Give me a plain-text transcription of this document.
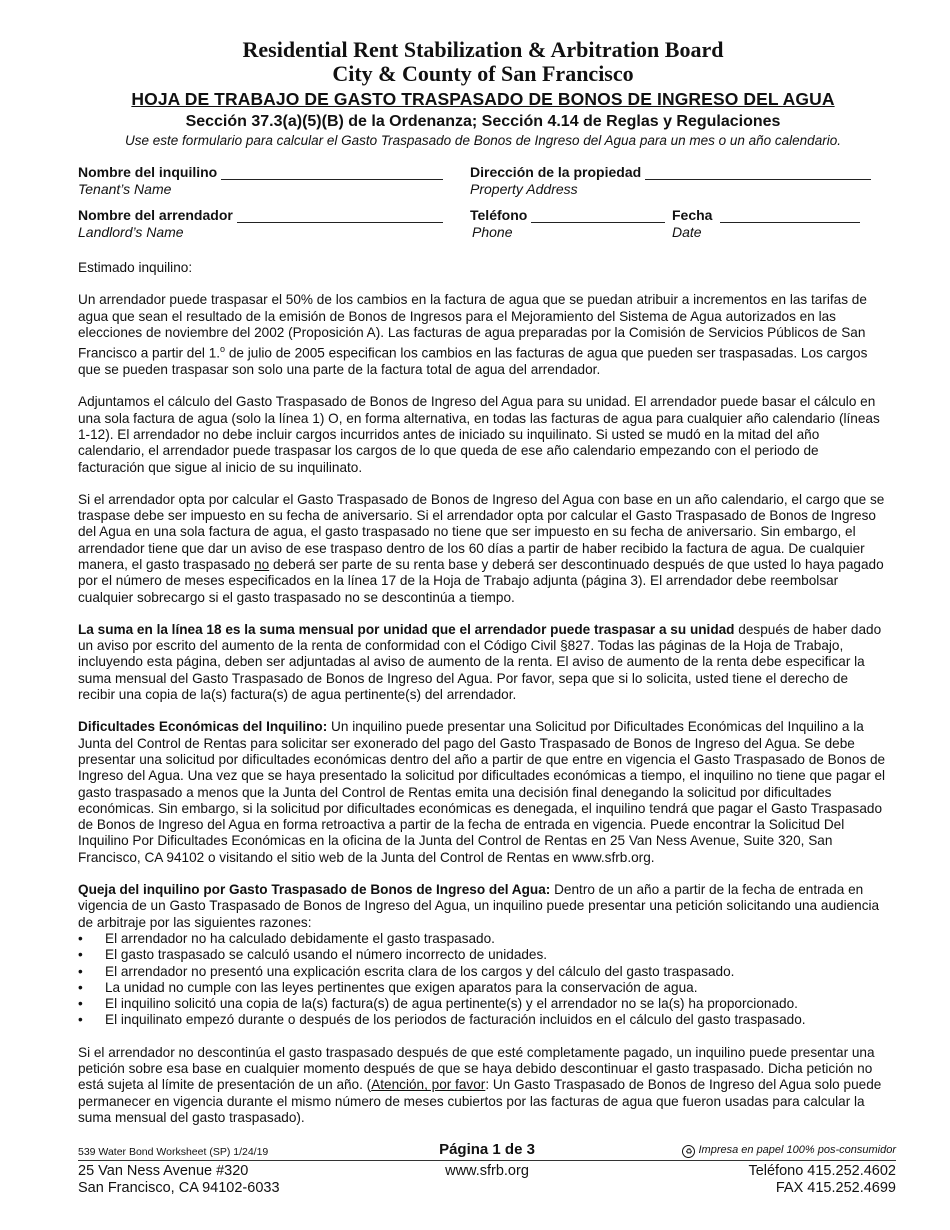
Residential Rent Stabilization & Arbitration Board
City & County of San Francisco
HOJA DE TRABAJO DE GASTO TRASPASADO DE BONOS DE INGRESO DEL AGUA
Sección 37.3(a)(5)(B) de la Ordenanza; Sección 4.14 de Reglas y Regulaciones
Use este formulario para calcular el Gasto Traspasado de Bonos de Ingreso del Agua para un mes o un año calendario.
Nombre del inquilino
Tenant’s Name
Dirección de la propiedad
Property Address
Nombre del arrendador
Landlord’s Name
Teléfono
Phone
Fecha
Date

Estimado inquilino:

Un arrendador puede traspasar el 50% de los cambios en la factura de agua que se puedan atribuir a incrementos en las tarifas de agua que sean el resultado de la emisión de Bonos de Ingresos para el Mejoramiento del Sistema de Agua autorizados en las elecciones de noviembre del 2002 (Proposición A). Las facturas de agua preparadas por la Comisión de Servicios Públicos de San Francisco a partir del 1.$^o$ de julio de 2005 especifican los cambios en las facturas de agua que pueden ser traspasadas. Los cargos que se pueden traspasar son solo una parte de la factura total de agua del arrendador.

Adjuntamos el cálculo del Gasto Traspasado de Bonos de Ingreso del Agua para su unidad. El arrendador puede basar el cálculo en una sola factura de agua (solo la línea 1) O, en forma alternativa, en todas las facturas de agua para cualquier año calendario (líneas 1-12). El arrendador no debe incluir cargos incurridos antes de iniciado su inquilinato. Si usted se mudó en la mitad del año calendario, el arrendador puede traspasar los cargos de lo que queda de ese año calendario empezando con el periodo de facturación que sigue al inicio de su inquilinato.

Si el arrendador opta por calcular el Gasto Traspasado de Bonos de Ingreso del Agua con base en un año calendario, el cargo que se traspase debe ser impuesto en su fecha de aniversario. Si el arrendador opta por calcular el Gasto Traspasado de Bonos de Ingreso del Agua en una sola factura de agua, el gasto traspasado no tiene que ser impuesto en su fecha de aniversario. Sin embargo, el arrendador tiene que dar un aviso de ese traspaso dentro de los 60 días a partir de haber recibido la factura de agua. De cualquier manera, el gasto traspasado no deberá ser parte de su renta base y deberá ser descontinuado después de que usted lo haya pagado por el número de meses especificados en la línea 17 de la Hoja de Trabajo adjunta (página 3). El arrendador debe reembolsar cualquier sobrecargo si el gasto traspasado no se descontinúa a tiempo.

La suma en la línea 18 es la suma mensual por unidad que el arrendador puede traspasar a su unidad después de haber dado un aviso por escrito del aumento de la renta de conformidad con el Código Civil §827. Todas las páginas de la Hoja de Trabajo, incluyendo esta página, deben ser adjuntadas al aviso de aumento de la renta. El aviso de aumento de la renta debe especificar la suma mensual del Gasto Traspasado de Bonos de Ingreso del Agua. Por favor, sepa que si lo solicita, usted tiene el derecho de recibir una copia de la(s) factura(s) de agua pertinente(s) del arrendador.

Dificultades Económicas del Inquilino: Un inquilino puede presentar una Solicitud por Dificultades Económicas del Inquilino a la Junta del Control de Rentas para solicitar ser exonerado del pago del Gasto Traspasado de Bonos de Ingreso del Agua. Se debe presentar una solicitud por dificultades económicas dentro del año a partir de que entre en vigencia el Gasto Traspasado de Bonos de Ingreso del Agua. Una vez que se haya presentado la solicitud por dificultades económicas a tiempo, el inquilino no tiene que pagar el gasto traspasado a menos que la Junta del Control de Rentas emita una decisión final denegando la solicitud por dificultades económicas. Sin embargo, si la solicitud por dificultades económicas es denegada, el inquilino tendrá que pagar el Gasto Traspasado de Bonos de Ingreso del Agua en forma retroactiva a partir de la fecha de entrada en vigencia. Puede encontrar la Solicitud Del Inquilino Por Dificultades Económicas en la oficina de la Junta del Control de Rentas en 25 Van Ness Avenue, Suite 320, San Francisco, CA 94102 o visitando el sitio web de la Junta del Control de Rentas en www.sfrb.org.

Queja del inquilino por Gasto Traspasado de Bonos de Ingreso del Agua: Dentro de un año a partir de la fecha de entrada en vigencia de un Gasto Traspasado de Bonos de Ingreso del Agua, un inquilino puede presentar una petición solicitando una audiencia de arbitraje por las siguientes razones:

• El arrendador no ha calculado debidamente el gasto traspasado.
• El gasto traspasado se calculó usando el número incorrecto de unidades.
• El arrendador no presentó una explicación escrita clara de los cargos y del cálculo del gasto traspasado.
• La unidad no cumple con las leyes pertinentes que exigen aparatos para la conservación de agua.
• El inquilino solicitó una copia de la(s) factura(s) de agua pertinente(s) y el arrendador no se la(s) ha proporcionado.
• El inquilinato empezó durante o después de los periodos de facturación incluidos en el cálculo del gasto traspasado.

Si el arrendador no descontinúa el gasto traspasado después de que esté completamente pagado, un inquilino puede presentar una petición sobre esa base en cualquier momento después de que se haya debido descontinuar el gasto traspasado. Dicha petición no está sujeta al límite de presentación de un año. (Atención, por favor: Un Gasto Traspasado de Bonos de Ingreso del Agua solo puede permanecer en vigencia durante el mismo número de meses cubiertos por las facturas de agua que fueron usadas para calcular la suma mensual del gasto traspasado).

539 Water Bond Worksheet (SP) 1/24/19	Página 1 de 3	♻ Impresa en papel 100% pos-consumidor
25 Van Ness Avenue #320
San Francisco, CA 94102-6033
www.sfrb.org	Teléfono 415.252.4602
FAX 415.252.4699
